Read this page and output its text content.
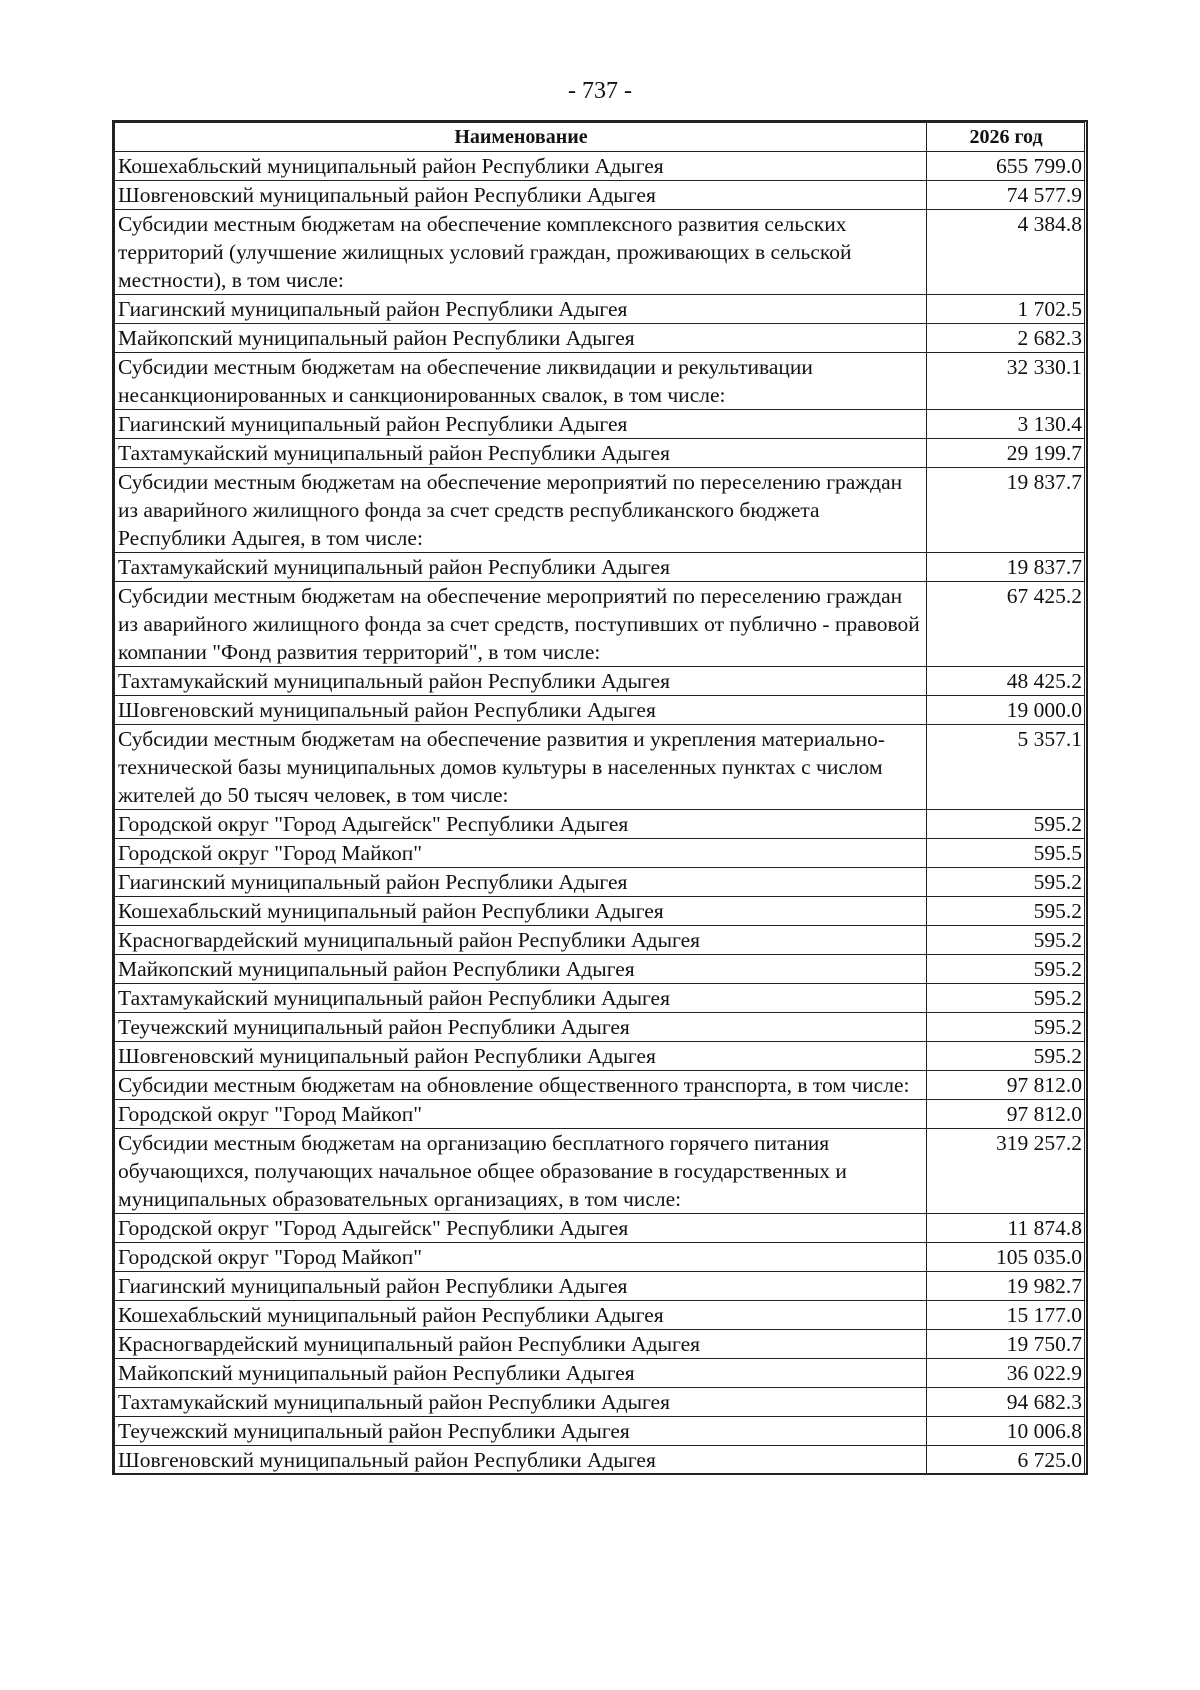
- 737 -
Наименование	2026 год
Кошехабльский муниципальный район Республики Адыгея	655 799.0
Шовгеновский муниципальный район Республики Адыгея	74 577.9
Субсидии местным бюджетам на обеспечение комплексного развития сельских территорий (улучшение жилищных условий граждан, проживающих в сельской местности), в том числе:	4 384.8
Гиагинский муниципальный район Республики Адыгея	1 702.5
Майкопский муниципальный район Республики Адыгея	2 682.3
Субсидии местным бюджетам на обеспечение ликвидации и рекультивации несанкционированных и санкционированных свалок, в том числе:	32 330.1
Гиагинский муниципальный район Республики Адыгея	3 130.4
Тахтамукайский муниципальный район Республики Адыгея	29 199.7
Субсидии местным бюджетам на обеспечение мероприятий по переселению граждан из аварийного жилищного фонда за счет средств республиканского бюджета Республики Адыгея, в том числе:	19 837.7
Тахтамукайский муниципальный район Республики Адыгея	19 837.7
Субсидии местным бюджетам на обеспечение мероприятий по переселению граждан из аварийного жилищного фонда за счет средств, поступивших от публично - правовой компании "Фонд развития территорий", в том числе:	67 425.2
Тахтамукайский муниципальный район Республики Адыгея	48 425.2
Шовгеновский муниципальный район Республики Адыгея	19 000.0
Субсидии местным бюджетам на обеспечение развития и укрепления материально-технической базы муниципальных домов культуры в населенных пунктах с числом жителей до 50 тысяч человек, в том числе:	5 357.1
Городской округ "Город Адыгейск" Республики Адыгея	595.2
Городской округ "Город Майкоп"	595.5
Гиагинский муниципальный район Республики Адыгея	595.2
Кошехабльский муниципальный район Республики Адыгея	595.2
Красногвардейский муниципальный район Республики Адыгея	595.2
Майкопский муниципальный район Республики Адыгея	595.2
Тахтамукайский муниципальный район Республики Адыгея	595.2
Теучежский муниципальный район Республики Адыгея	595.2
Шовгеновский муниципальный район Республики Адыгея	595.2
Субсидии местным бюджетам на обновление общественного транспорта, в том числе:	97 812.0
Городской округ "Город Майкоп"	97 812.0
Субсидии местным бюджетам на организацию бесплатного горячего питания обучающихся, получающих начальное общее образование в государственных и муниципальных образовательных организациях, в том числе:	319 257.2
Городской округ "Город Адыгейск" Республики Адыгея	11 874.8
Городской округ "Город Майкоп"	105 035.0
Гиагинский муниципальный район Республики Адыгея	19 982.7
Кошехабльский муниципальный район Республики Адыгея	15 177.0
Красногвардейский муниципальный район Республики Адыгея	19 750.7
Майкопский муниципальный район Республики Адыгея	36 022.9
Тахтамукайский муниципальный район Республики Адыгея	94 682.3
Теучежский муниципальный район Республики Адыгея	10 006.8
Шовгеновский муниципальный район Республики Адыгея	6 725.0
